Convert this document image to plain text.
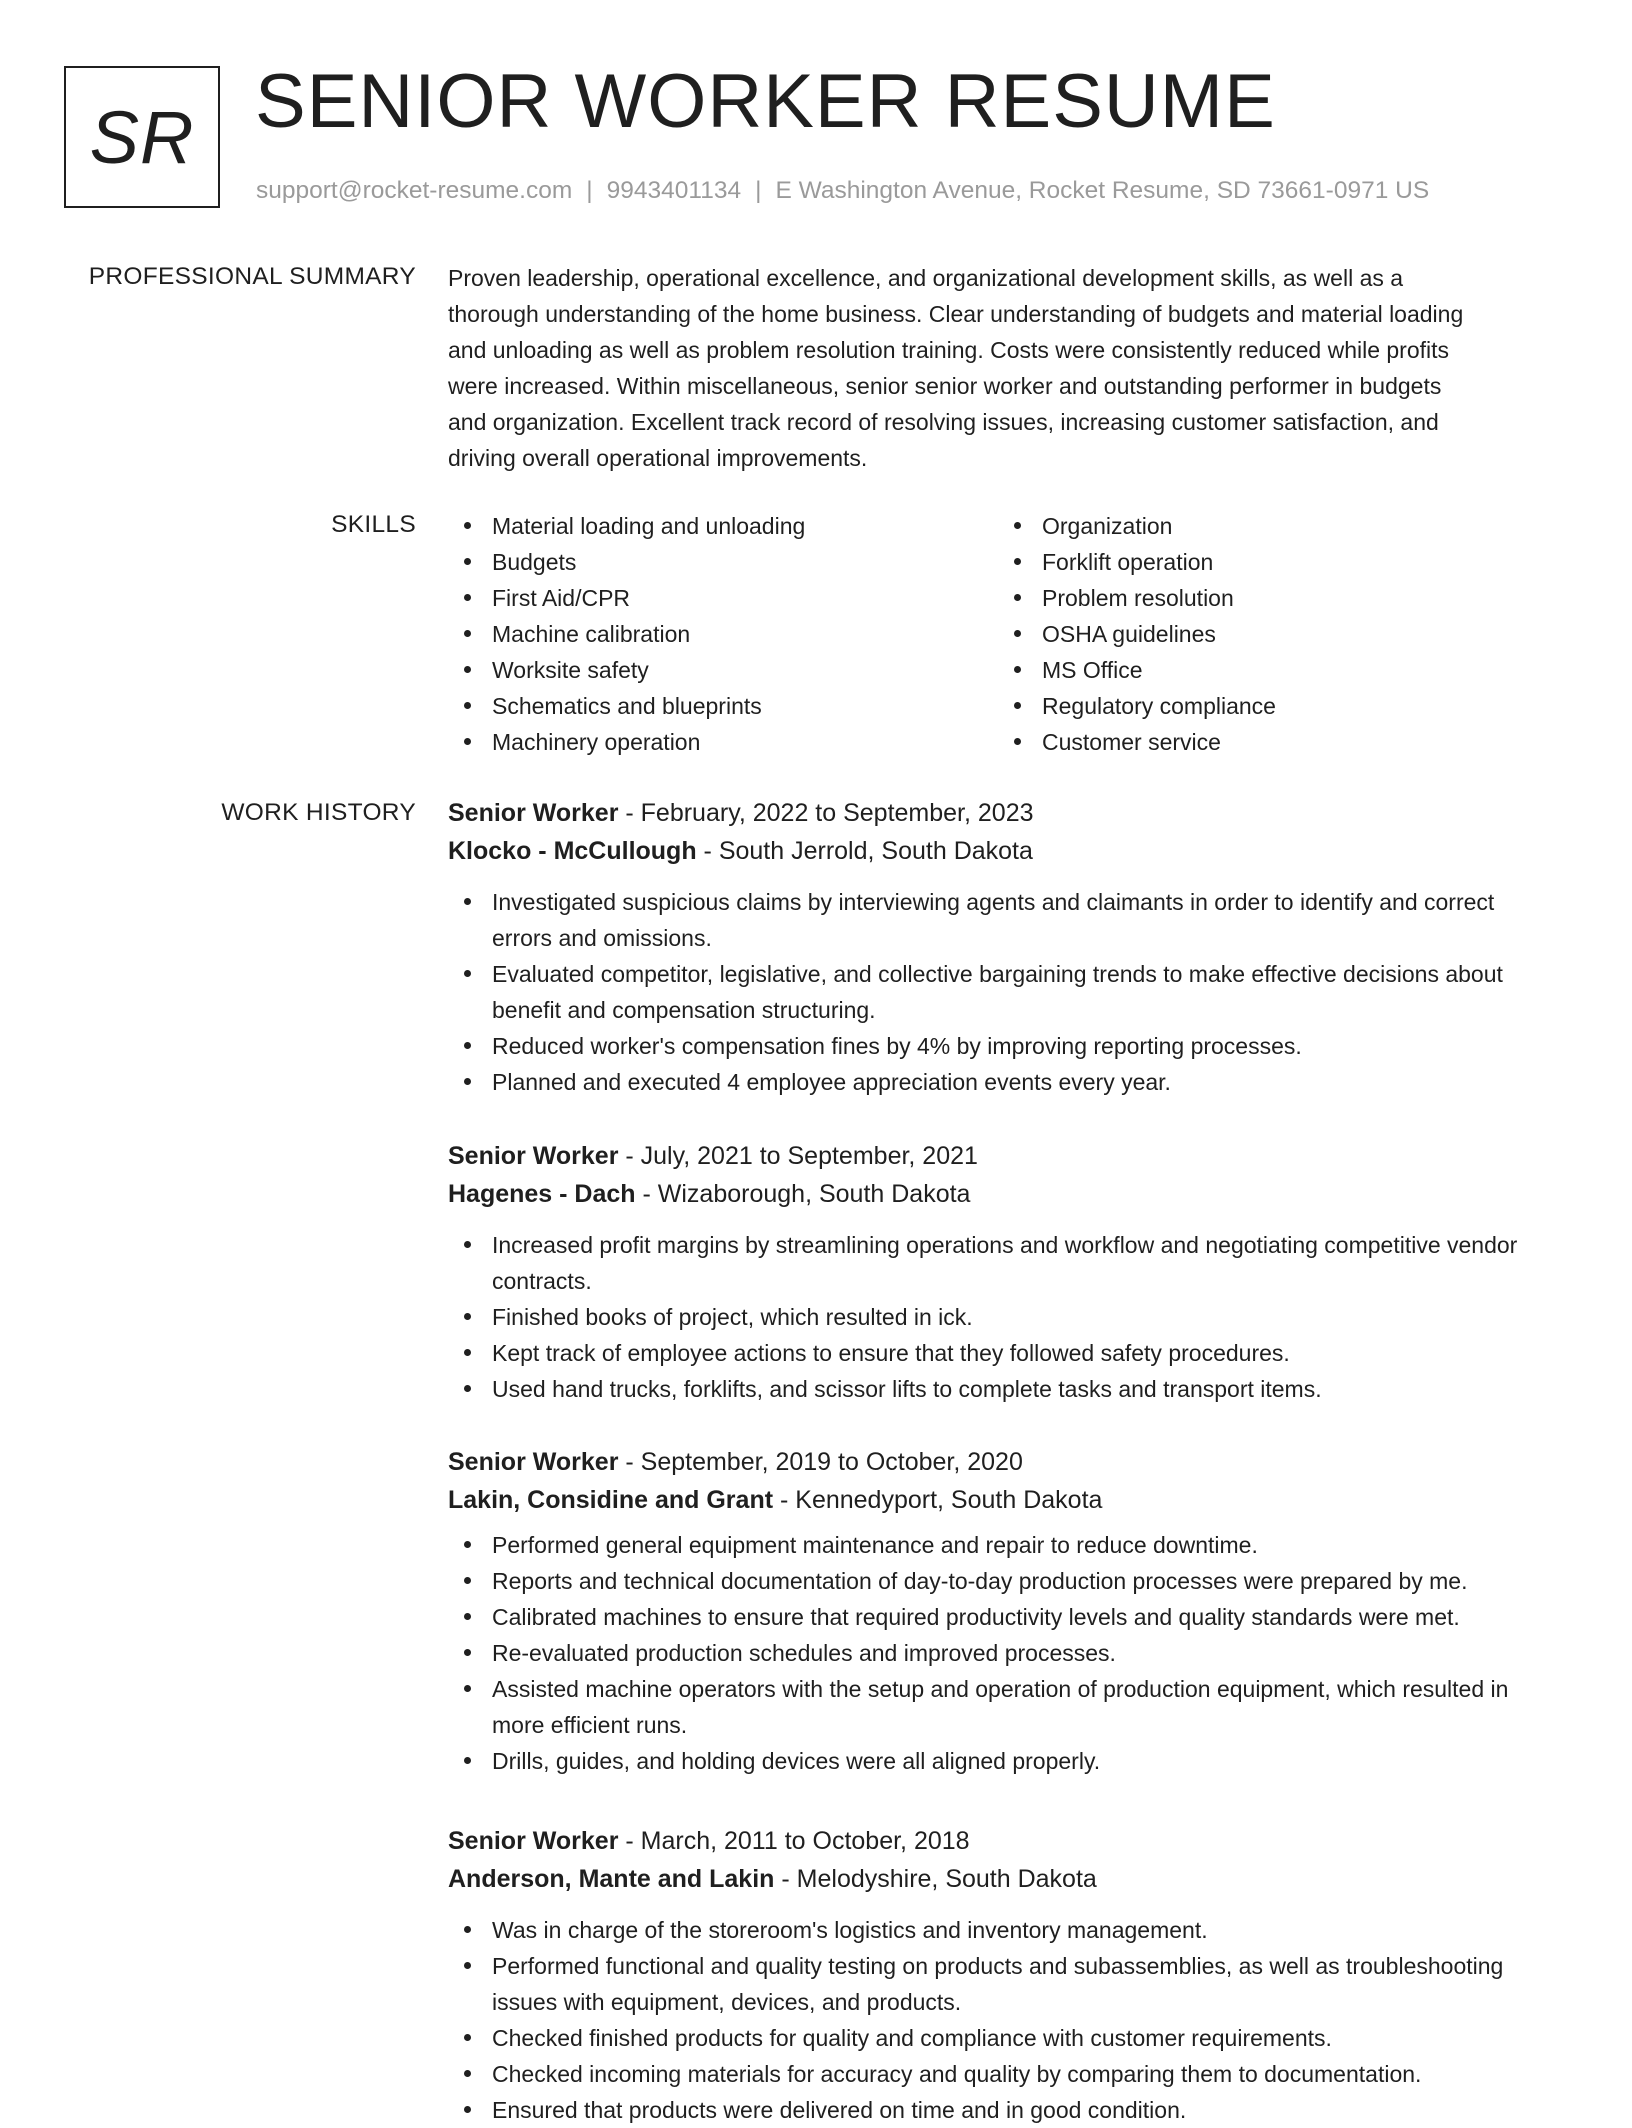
SR SENIOR WORKER RESUME
support@rocket-resume.com | 9943401134 | E Washington Avenue, Rocket Resume, SD 73661-0971 US
PROFESSIONAL SUMMARY Proven leadership, operational excellence, and organizational development skills, as well as a

thorough understanding of the home business. Clear understanding of budgets and material loading

and unloading as well as problem resolution training. Costs were consistently reduced while profits

were increased. Within miscellaneous, senior senior worker and outstanding performer in budgets

and organization. Excellent track record of resolving issues, increasing customer satisfaction, and

driving overall operational improvements.

SKILLS	Material loading and unloading
Budgets
First Aid/CPR
Machine calibration
Worksite safety
Schematics and blueprints
Machinery operation
Organization
Forklift operation
Problem resolution
OSHA guidelines
MS Office
Regulatory compliance
Customer service
WORK HISTORY Senior Worker - February, 2022 to September, 2023
Klocko - McCullough - South Jerrold, South Dakota
Investigated suspicious claims by interviewing agents and claimants in order to identify and correct errors and omissions.
Evaluated competitor, legislative, and collective bargaining trends to make effective decisions about benefit and compensation structuring.
Reduced worker's compensation fines by 4% by improving reporting processes.
Planned and executed 4 employee appreciation events every year.
Senior Worker - July, 2021 to September, 2021
Hagenes - Dach - Wizaborough, South Dakota
Increased profit margins by streamlining operations and workflow and negotiating competitive vendor contracts.
Finished books of project, which resulted in ick.
Kept track of employee actions to ensure that they followed safety procedures.
Used hand trucks, forklifts, and scissor lifts to complete tasks and transport items.
Senior Worker - September, 2019 to October, 2020
Lakin, Considine and Grant - Kennedyport, South Dakota
Performed general equipment maintenance and repair to reduce downtime.
Reports and technical documentation of day-to-day production processes were prepared by me.
Calibrated machines to ensure that required productivity levels and quality standards were met.
Re-evaluated production schedules and improved processes.
Assisted machine operators with the setup and operation of production equipment, which resulted in more efficient runs.
Drills, guides, and holding devices were all aligned properly.
Senior Worker - March, 2011 to October, 2018
Anderson, Mante and Lakin - Melodyshire, South Dakota
Was in charge of the storeroom's logistics and inventory management.
Performed functional and quality testing on products and subassemblies, as well as troubleshooting issues with equipment, devices, and products.
Checked finished products for quality and compliance with customer requirements.
Checked incoming materials for accuracy and quality by comparing them to documentation.
Ensured that products were delivered on time and in good condition.
